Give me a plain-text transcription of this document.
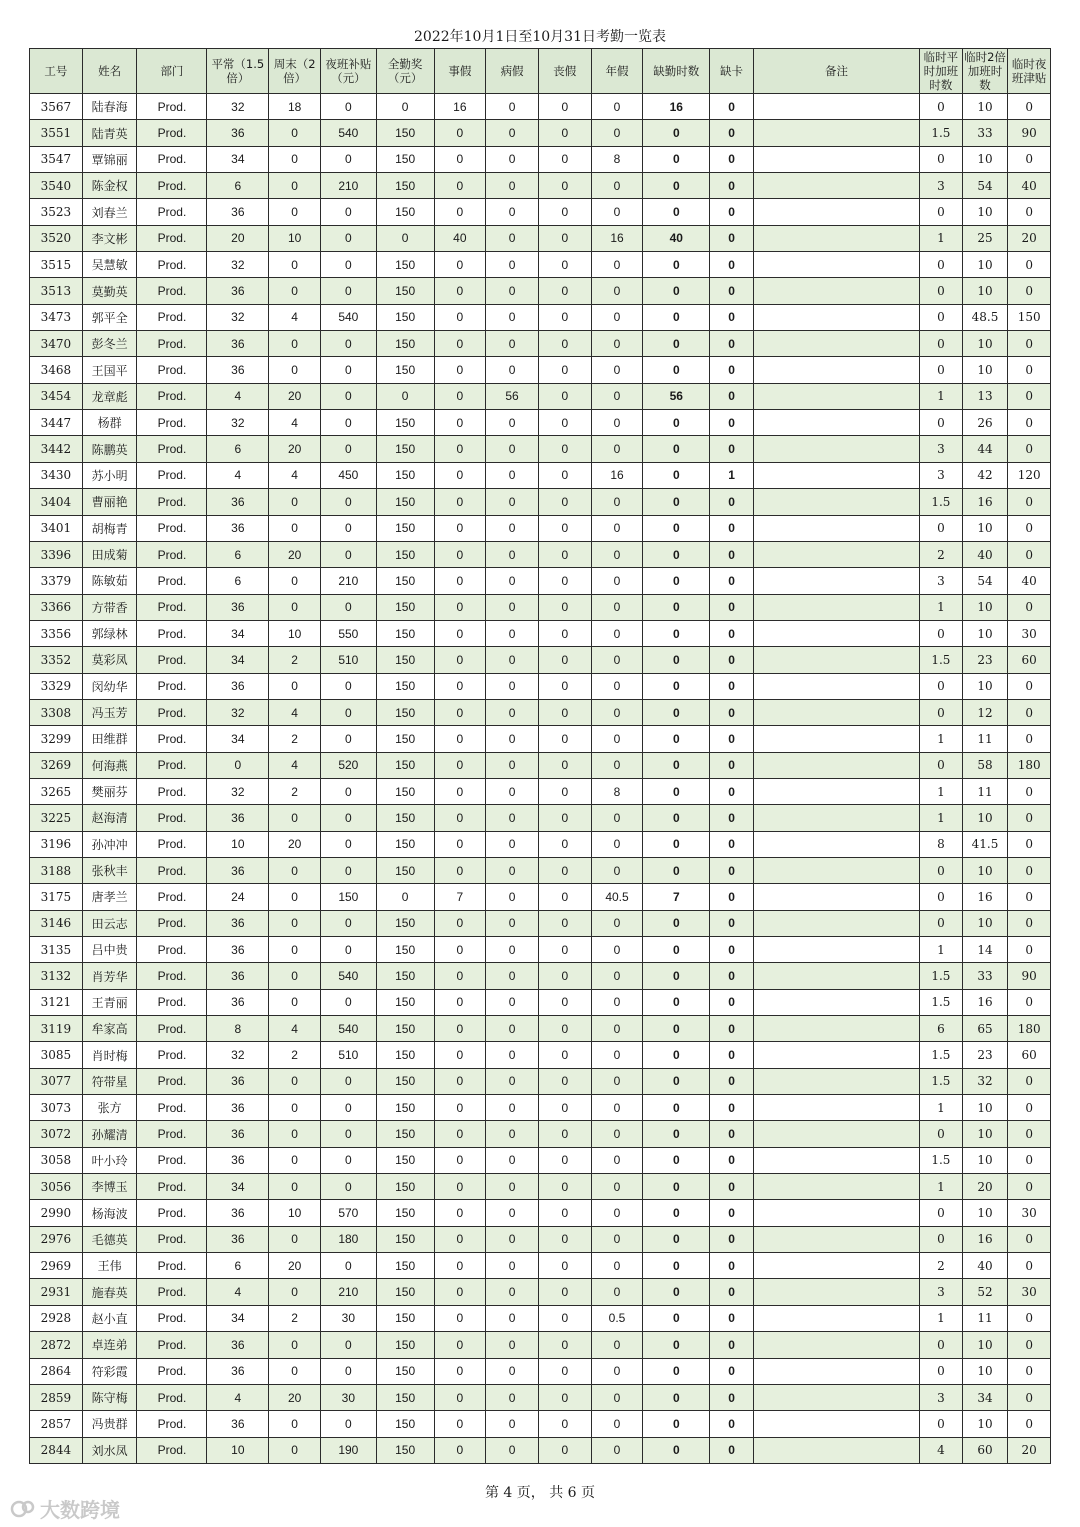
2022年10月1日至10月31日考勤一览表
工号	姓名	部门	平常（1.5倍）	周末（2倍）	夜班补贴（元）	全勤奖（元）	事假	病假	丧假	年假	缺勤时数	缺卡	备注	临时平时加班时数	临时2倍加班时数	临时夜班津贴
3567	陆春海	Prod.	32	18	0	0	16	0	0	0	16	0		0	10	0
3551	陆青英	Prod.	36	0	540	150	0	0	0	0	0	0		1.5	33	90
3547	覃锦丽	Prod.	34	0	0	150	0	0	0	8	0	0		0	10	0
3540	陈金权	Prod.	6	0	210	150	0	0	0	0	0	0		3	54	40
3523	刘春兰	Prod.	36	0	0	150	0	0	0	0	0	0		0	10	0
3520	李文彬	Prod.	20	10	0	0	40	0	0	16	40	0		1	25	20
3515	吴慧敏	Prod.	32	0	0	150	0	0	0	0	0	0		0	10	0
3513	莫勤英	Prod.	36	0	0	150	0	0	0	0	0	0		0	10	0
3473	郭平全	Prod.	32	4	540	150	0	0	0	0	0	0		0	48.5	150
3470	彭冬兰	Prod.	36	0	0	150	0	0	0	0	0	0		0	10	0
3468	王国平	Prod.	36	0	0	150	0	0	0	0	0	0		0	10	0
3454	龙章彪	Prod.	4	20	0	0	0	56	0	0	56	0		1	13	0
3447	杨群	Prod.	32	4	0	150	0	0	0	0	0	0		0	26	0
3442	陈鹏英	Prod.	6	20	0	150	0	0	0	0	0	0		3	44	0
3430	苏小明	Prod.	4	4	450	150	0	0	0	16	0	1		3	42	120
3404	曹丽艳	Prod.	36	0	0	150	0	0	0	0	0	0		1.5	16	0
3401	胡梅青	Prod.	36	0	0	150	0	0	0	0	0	0		0	10	0
3396	田成菊	Prod.	6	20	0	150	0	0	0	0	0	0		2	40	0
3379	陈敏茹	Prod.	6	0	210	150	0	0	0	0	0	0		3	54	40
3366	方带香	Prod.	36	0	0	150	0	0	0	0	0	0		1	10	0
3356	郭绿林	Prod.	34	10	550	150	0	0	0	0	0	0		0	10	30
3352	莫彩凤	Prod.	34	2	510	150	0	0	0	0	0	0		1.5	23	60
3329	闵幼华	Prod.	36	0	0	150	0	0	0	0	0	0		0	10	0
3308	冯玉芳	Prod.	32	4	0	150	0	0	0	0	0	0		0	12	0
3299	田维群	Prod.	34	2	0	150	0	0	0	0	0	0		1	11	0
3269	何海燕	Prod.	0	4	520	150	0	0	0	0	0	0		0	58	180
3265	樊丽芬	Prod.	32	2	0	150	0	0	0	8	0	0		1	11	0
3225	赵海清	Prod.	36	0	0	150	0	0	0	0	0	0		1	10	0
3196	孙冲冲	Prod.	10	20	0	150	0	0	0	0	0	0		8	41.5	0
3188	张秋丰	Prod.	36	0	0	150	0	0	0	0	0	0		0	10	0
3175	唐孝兰	Prod.	24	0	150	0	7	0	0	40.5	7	0		0	16	0
3146	田云志	Prod.	36	0	0	150	0	0	0	0	0	0		0	10	0
3135	吕中贵	Prod.	36	0	0	150	0	0	0	0	0	0		1	14	0
3132	肖芳华	Prod.	36	0	540	150	0	0	0	0	0	0		1.5	33	90
3121	王青丽	Prod.	36	0	0	150	0	0	0	0	0	0		1.5	16	0
3119	牟家高	Prod.	8	4	540	150	0	0	0	0	0	0		6	65	180
3085	肖时梅	Prod.	32	2	510	150	0	0	0	0	0	0		1.5	23	60
3077	符带星	Prod.	36	0	0	150	0	0	0	0	0	0		1.5	32	0
3073	张方	Prod.	36	0	0	150	0	0	0	0	0	0		1	10	0
3072	孙耀清	Prod.	36	0	0	150	0	0	0	0	0	0		0	10	0
3058	叶小玲	Prod.	36	0	0	150	0	0	0	0	0	0		1.5	10	0
3056	李博玉	Prod.	34	0	0	150	0	0	0	0	0	0		1	20	0
2990	杨海波	Prod.	36	10	570	150	0	0	0	0	0	0		0	10	30
2976	毛德英	Prod.	36	0	180	150	0	0	0	0	0	0		0	16	0
2969	王伟	Prod.	6	20	0	150	0	0	0	0	0	0		2	40	0
2931	施春英	Prod.	4	0	210	150	0	0	0	0	0	0		3	52	30
2928	赵小直	Prod.	34	2	30	150	0	0	0	0.5	0	0		1	11	0
2872	卓连弟	Prod.	36	0	0	150	0	0	0	0	0	0		0	10	0
2864	符彩霞	Prod.	36	0	0	150	0	0	0	0	0	0		0	10	0
2859	陈守梅	Prod.	4	20	30	150	0	0	0	0	0	0		3	34	0
2857	冯贵群	Prod.	36	0	0	150	0	0	0	0	0	0		0	10	0
2844	刘水凤	Prod.	10	0	190	150	0	0	0	0	0	0		4	60	20
第 4 页， 共 6 页
大数跨境
